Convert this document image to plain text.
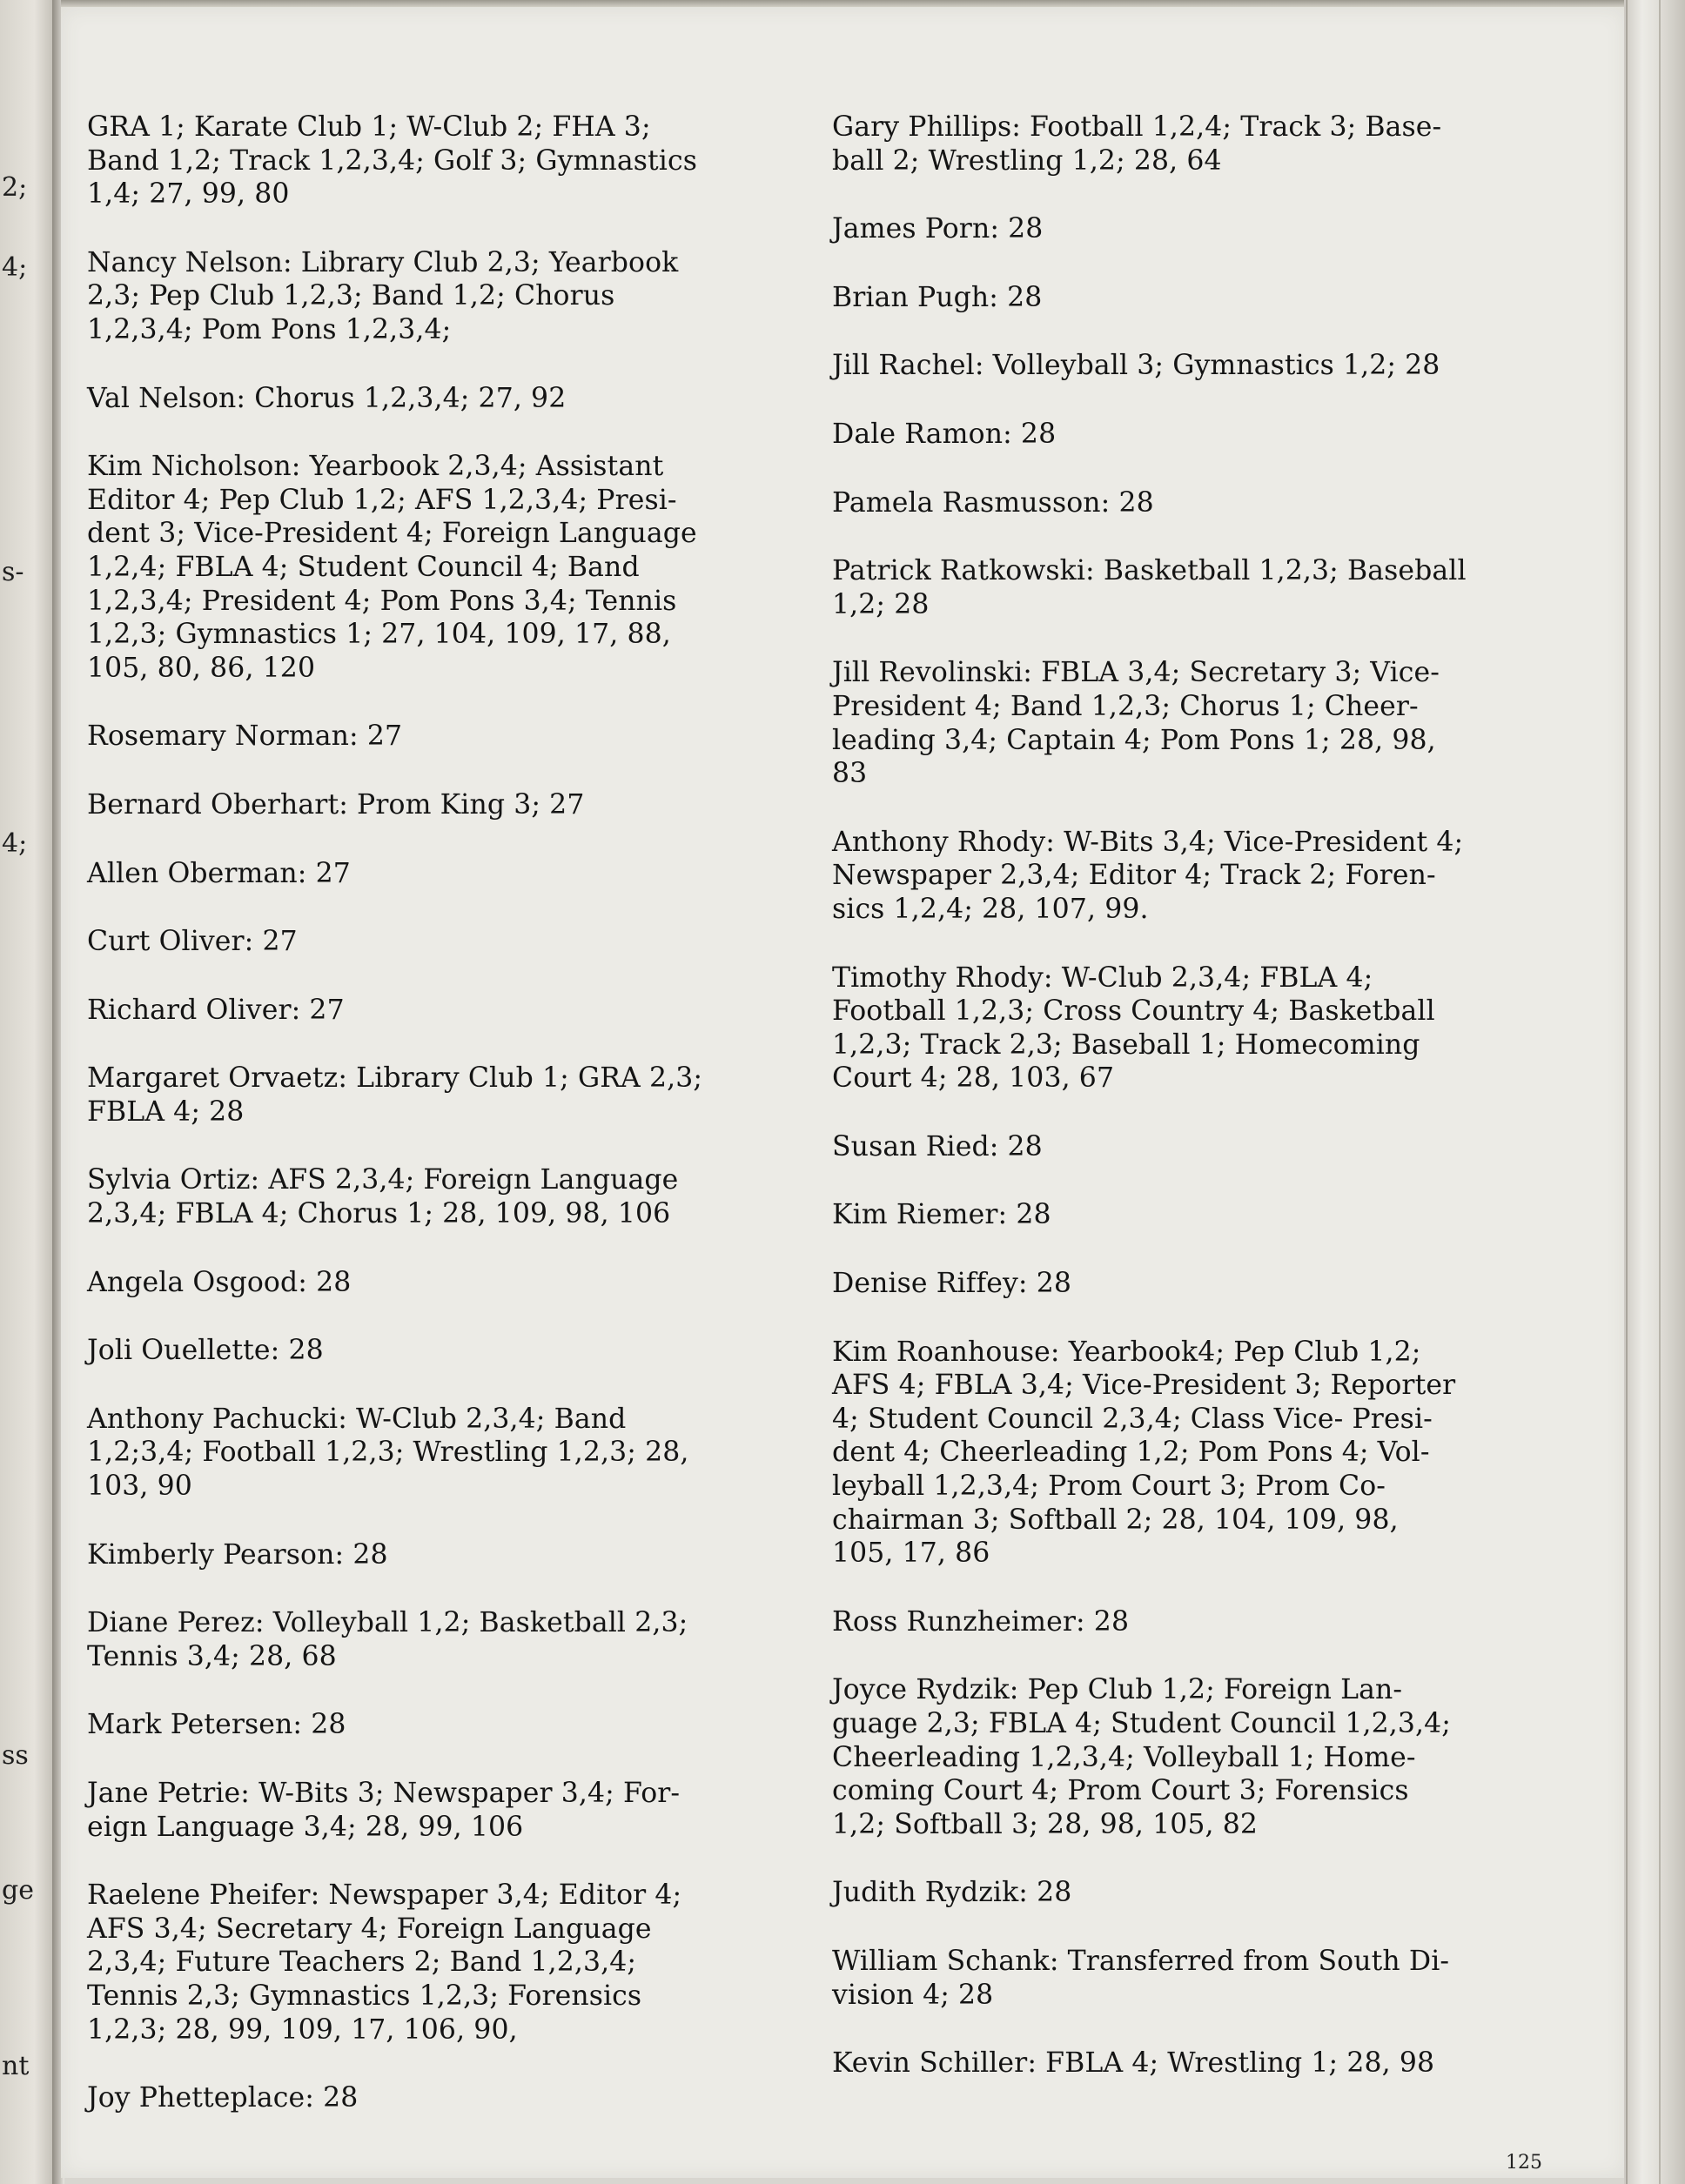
2;
4;
s-
4;
ss
ge
nt

GRA 1; Karate Club 1; W-Club 2; FHA 3;
Band 1,2; Track 1,2,3,4; Golf 3; Gymnastics
1,4; 27, 99, 80

Nancy Nelson: Library Club 2,3; Yearbook
2,3; Pep Club 1,2,3; Band 1,2; Chorus
1,2,3,4; Pom Pons 1,2,3,4;

Val Nelson: Chorus 1,2,3,4; 27, 92

Kim Nicholson: Yearbook 2,3,4; Assistant
Editor 4; Pep Club 1,2; AFS 1,2,3,4; Presi-
dent 3; Vice-President 4; Foreign Language
1,2,4; FBLA 4; Student Council 4; Band
1,2,3,4; President 4; Pom Pons 3,4; Tennis
1,2,3; Gymnastics 1; 27, 104, 109, 17, 88,
105, 80, 86, 120

Rosemary Norman: 27

Bernard Oberhart: Prom King 3; 27

Allen Oberman: 27

Curt Oliver: 27

Richard Oliver: 27

Margaret Orvaetz: Library Club 1; GRA 2,3;
FBLA 4; 28

Sylvia Ortiz: AFS 2,3,4; Foreign Language
2,3,4; FBLA 4; Chorus 1; 28, 109, 98, 106

Angela Osgood: 28

Joli Ouellette: 28

Anthony Pachucki: W-Club 2,3,4; Band
1,2;3,4; Football 1,2,3; Wrestling 1,2,3; 28,
103, 90

Kimberly Pearson: 28

Diane Perez: Volleyball 1,2; Basketball 2,3;
Tennis 3,4; 28, 68

Mark Petersen: 28

Jane Petrie: W-Bits 3; Newspaper 3,4; For-
eign Language 3,4; 28, 99, 106

Raelene Pheifer: Newspaper 3,4; Editor 4;
AFS 3,4; Secretary 4; Foreign Language
2,3,4; Future Teachers 2; Band 1,2,3,4;
Tennis 2,3; Gymnastics 1,2,3; Forensics
1,2,3; 28, 99, 109, 17, 106, 90,

Joy Phetteplace: 28

Gary Phillips: Football 1,2,4; Track 3; Base-
ball 2; Wrestling 1,2; 28, 64

James Porn: 28

Brian Pugh: 28

Jill Rachel: Volleyball 3; Gymnastics 1,2; 28

Dale Ramon: 28

Pamela Rasmusson: 28

Patrick Ratkowski: Basketball 1,2,3; Baseball
1,2; 28

Jill Revolinski: FBLA 3,4; Secretary 3; Vice-
President 4; Band 1,2,3; Chorus 1; Cheer-
leading 3,4; Captain 4; Pom Pons 1; 28, 98,
83

Anthony Rhody: W-Bits 3,4; Vice-President 4;
Newspaper 2,3,4; Editor 4; Track 2; Foren-
sics 1,2,4; 28, 107, 99.

Timothy Rhody: W-Club 2,3,4; FBLA 4;
Football 1,2,3; Cross Country 4; Basketball
1,2,3; Track 2,3; Baseball 1; Homecoming
Court 4; 28, 103, 67

Susan Ried: 28

Kim Riemer: 28

Denise Riffey: 28

Kim Roanhouse: Yearbook4; Pep Club 1,2;
AFS 4; FBLA 3,4; Vice-President 3; Reporter
4; Student Council 2,3,4; Class Vice- Presi-
dent 4; Cheerleading 1,2; Pom Pons 4; Vol-
leyball 1,2,3,4; Prom Court 3; Prom Co-
chairman 3; Softball 2; 28, 104, 109, 98,
105, 17, 86

Ross Runzheimer: 28

Joyce Rydzik: Pep Club 1,2; Foreign Lan-
guage 2,3; FBLA 4; Student Council 1,2,3,4;
Cheerleading 1,2,3,4; Volleyball 1; Home-
coming Court 4; Prom Court 3; Forensics
1,2; Softball 3; 28, 98, 105, 82

Judith Rydzik: 28

William Schank: Transferred from South Di-
vision 4; 28

Kevin Schiller: FBLA 4; Wrestling 1; 28, 98

125
